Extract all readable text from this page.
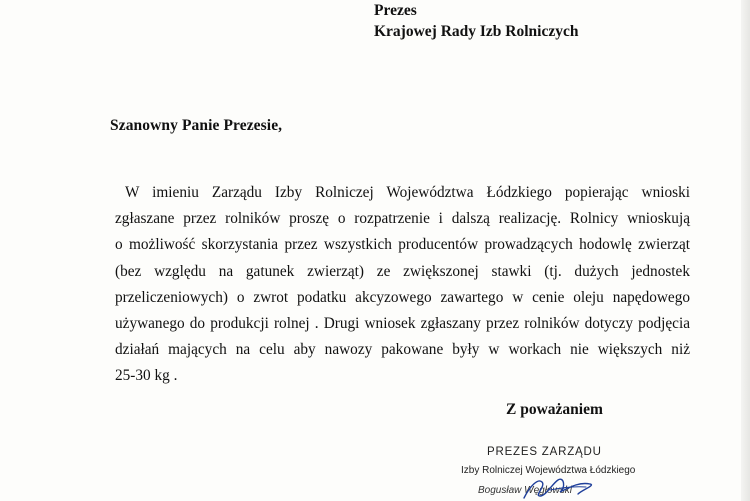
Prezes
Krajowej Rady Izb Rolniczych
Szanowny Panie Prezesie,
W imieniu Zarządu Izby Rolniczej Województwa Łódzkiego popierając wnioski
zgłaszane przez rolników proszę o rozpatrzenie i dalszą realizację. Rolnicy wnioskują
o możliwość skorzystania przez wszystkich producentów prowadzących hodowlę zwierząt
(bez względu na gatunek zwierząt) ze zwiększonej stawki (tj. dużych jednostek
przeliczeniowych) o zwrot podatku akcyzowego zawartego w cenie oleju napędowego
używanego do produkcji rolnej . Drugi wniosek zgłaszany przez rolników dotyczy podjęcia
działań mających na celu aby nawozy pakowane były w workach nie większych niż
25-30 kg .
Z poważaniem
PREZES ZARZĄDU
Izby Rolniczej Województwa Łódzkiego
Bogusław Węgłowski
